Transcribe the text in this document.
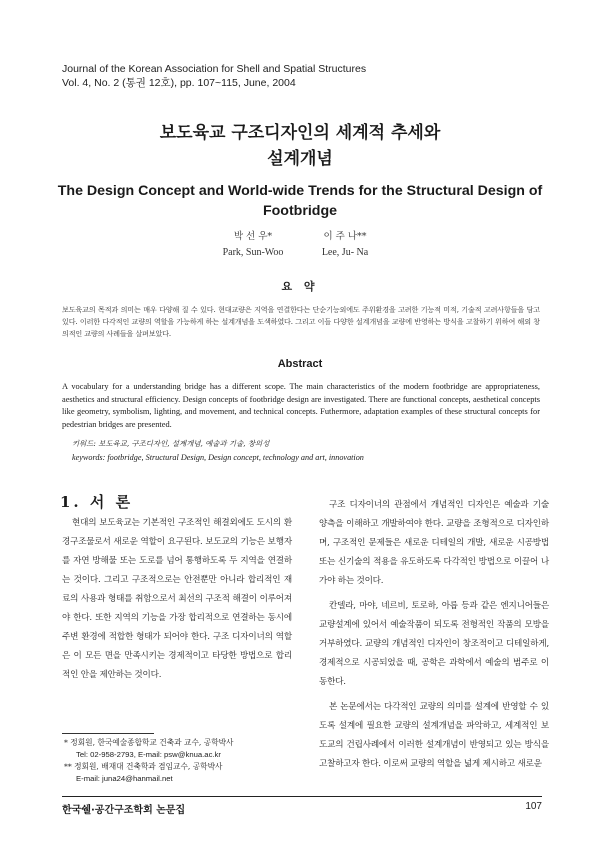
Journal of the Korean Association for Shell and Spatial Structures
Vol. 4, No. 2 (통권 12호), pp. 107~115, June, 2004
보도육교 구조디자인의 세계적 추세와
설계개념
The Design Concept and World-wide Trends for the Structural Design of
Footbridge
박 선 우*	이 주 나**
Park, Sun-Woo	Lee, Ju- Na
요 약
보도육교의 목적과 의미는 매우 다양해 질 수 있다. 현대교량은 지역을 연결한다는 단순기능외에도 주위환경을 고려한 기능적 미적, 기술적 고려사항들을 담고 있다. 이러한 다각적인 교량의 역할을 가능하게 하는 설계개념을 도색하였다. 그리고 이들 다양한 설계개념을 교량에 반영하는 방식을 고찰하기 위하여 해외 창의적인 교량의 사례들을 살펴보았다.
Abstract
A vocabulary for a understanding bridge has a different scope. The main characteristics of the modern footbridge are appropriateness, aesthetics and structural efficiency. Design concepts of footbridge design are investigated. There are functional concepts, aesthetical concepts like geometry, symbolism, lighting, and movement, and technical concepts. Futhermore, adaptation examples of these structural concepts for pedestrian bridges are presented.
키워드: 보도육교, 구조디자인, 설계개념, 예술과 기술, 창의성
keywords: footbridge, Structural Design, Design concept, technology and art, innovation
1. 서 론

현대의 보도육교는 기본적인 구조적인 해결외에도 도시의 환경구조물로서 새로운 역할이 요구된다. 보도교의 기능은 보행자를 자연 방해물 또는 도로를 넘어 통행하도록 두 지역을 연결하는 것이다. 그리고 구조적으로는 안전뿐만 아니라 합리적인 재료의 사용과 형태를 취함으로서 최선의 구조적 해결이 이루어져야 한다. 또한 지역의 기능을 가장 합리적으로 연결하는 동시에 주변 환경에 적합한 형태가 되어야 한다. 구조 디자이너의 역할은 이 모든 면을 만족시키는 경제적이고 타당한 방법으로 합리적인 안을 제안하는 것이다.

구조 디자이너의 관점에서 개념적인 디자인은 예술과 기술 양측을 이해하고 개발하여야 한다. 교량을 조형적으로 디자인하며, 구조적인 문제들은 새로운 디테일의 개발, 새로운 시공방법 또는 신기술의 적용을 유도하도록 다각적인 방법으로 이끌어 나가야 하는 것이다.

칸델라, 마야, 네르비, 토로하, 아릅 등과 같은 엔지니어들은 교량설계에 있어서 예술작품이 되도록 전형적인 작품의 모방을 거부하였다. 교량의 개념적인 디자인이 창조적이고 디테일하게, 경제적으로 시공되었을 때, 공학은 과학에서 예술의 범주로 이동한다.

본 논문에서는 다각적인 교량의 의미를 설계에 반영할 수 있도록 설계에 필요한 교량의 설계개념을 파악하고, 세계적인 보도교의 건립사례에서 이러한 설계개념이 반영되고 있는 방식을 고찰하고자 한다. 이로써 교량의 역할을 넓게 제시하고 새로운

* 정회원, 한국예술종합학교 건축과 교수, 공학박사
Tel: 02-958-2793, E-mail: psw@knua.ac.kr
** 정회원, 배재대 건축학과 겸임교수, 공학박사
E-mail: juna24@hanmail.net
한국쉘·공간구조학회 논문집	107
